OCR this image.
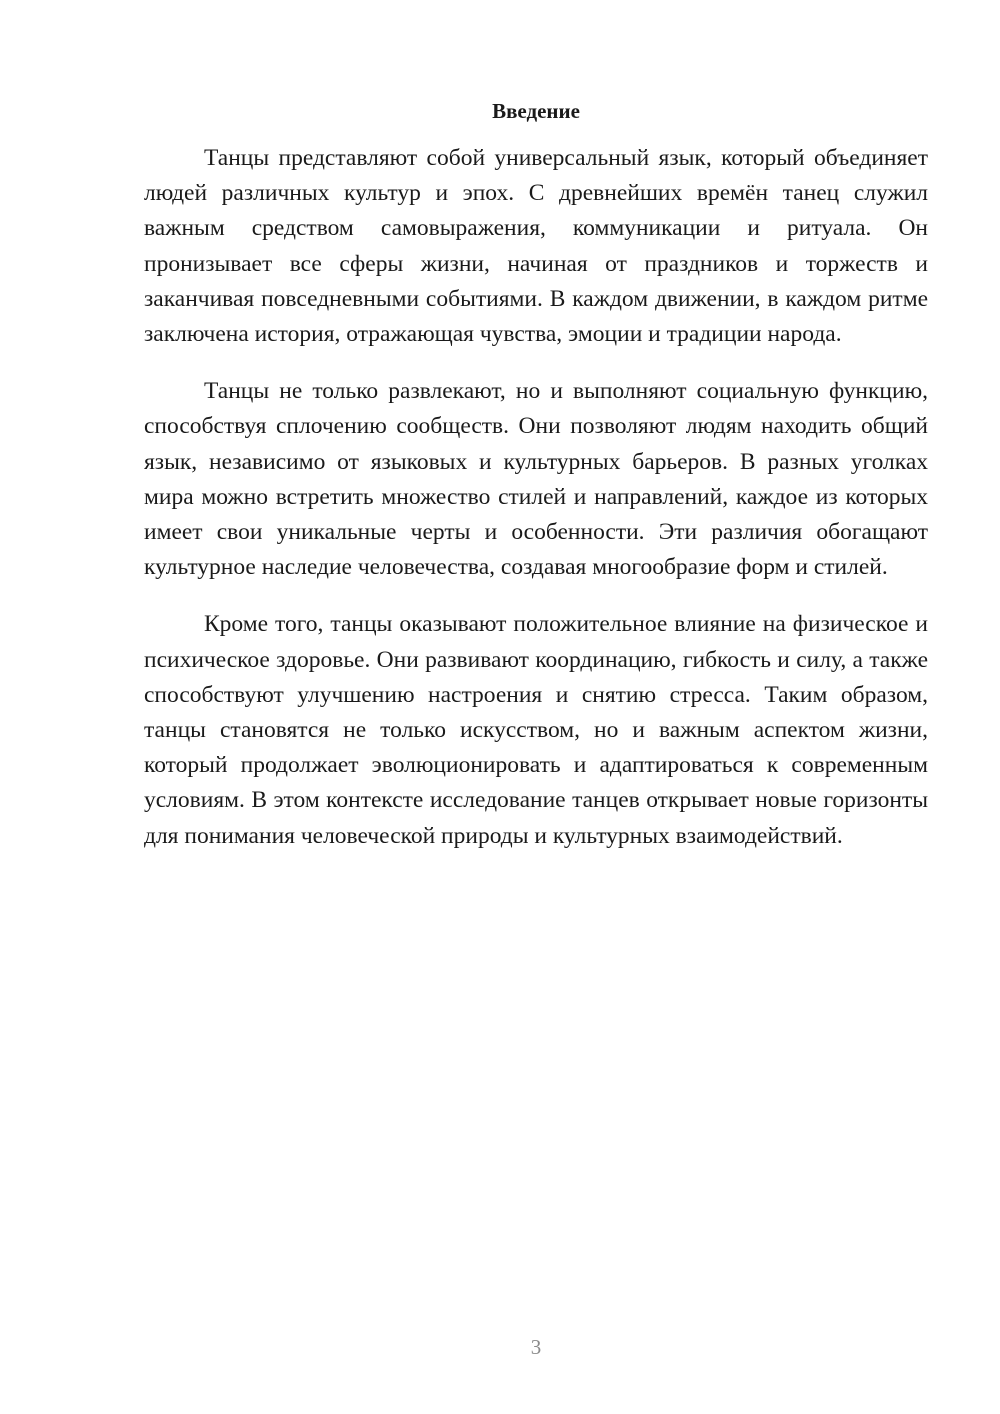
Введение

Танцы представляют собой универсальный язык, который объединяет людей различных культур и эпох. С древнейших времён танец служил важным средством самовыражения, коммуникации и ритуала. Он пронизывает все сферы жизни, начиная от праздников и торжеств и заканчивая повседневными событиями. В каждом движении, в каждом ритме заключена история, отражающая чувства, эмоции и традиции народа.

Танцы не только развлекают, но и выполняют социальную функцию, способствуя сплочению сообществ. Они позволяют людям находить общий язык, независимо от языковых и культурных барьеров. В разных уголках мира можно встретить множество стилей и направлений, каждое из которых имеет свои уникальные черты и особенности. Эти различия обогащают культурное наследие человечества, создавая многообразие форм и стилей.

Кроме того, танцы оказывают положительное влияние на физическое и психическое здоровье. Они развивают координацию, гибкость и силу, а также способствуют улучшению настроения и снятию стресса. Таким образом, танцы становятся не только искусством, но и важным аспектом жизни, который продолжает эволюционировать и адаптироваться к современным условиям. В этом контексте исследование танцев открывает новые горизонты для понимания человеческой природы и культурных взаимодействий.

3
